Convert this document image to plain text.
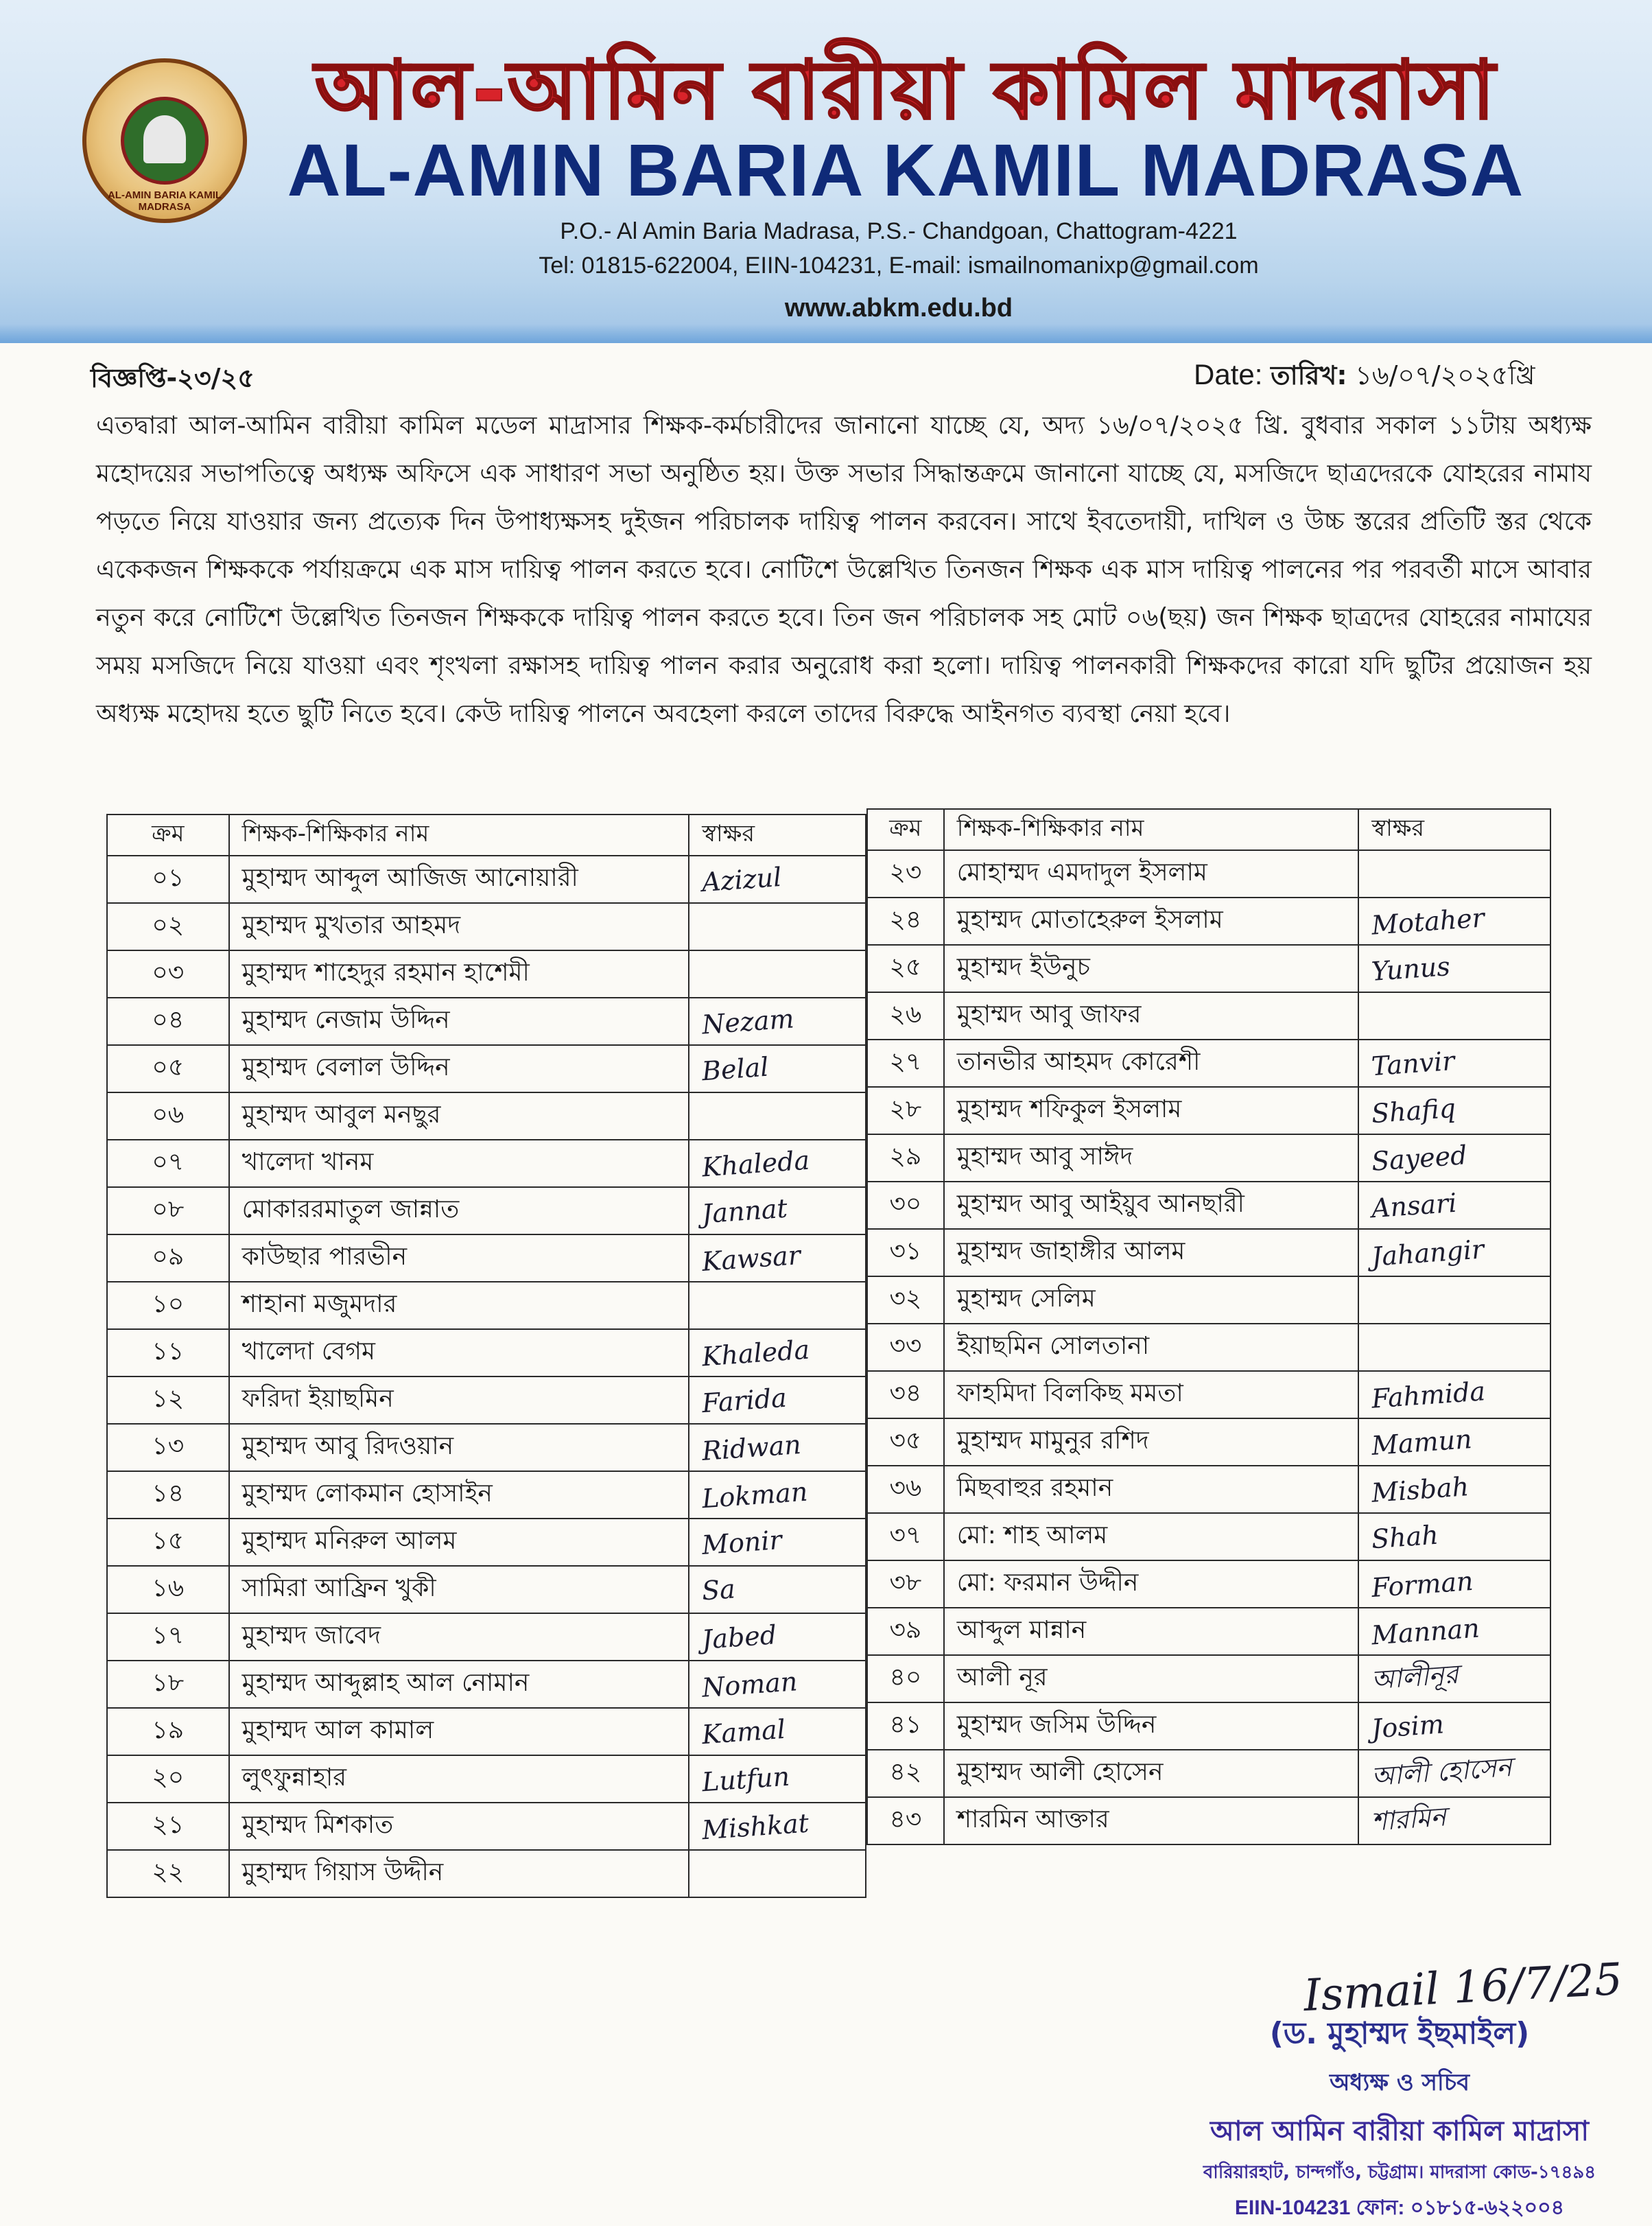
AL-AMIN BARIA KAMIL MADRASA
আল-আমিন বারীয়া কামিল মাদরাসা
AL-AMIN BARIA KAMIL MADRASA
P.O.- Al Amin Baria Madrasa, P.S.- Chandgoan, Chattogram-4221
Tel: 01815-622004, EIIN-104231, E-mail: ismailnomanixp@gmail.com
www.abkm.edu.bd
বিজ্ঞপ্তি-২৩/২৫	Date: তারিখ: ১৬/০৭/২০২৫খ্রি
এতদ্বারা আল-আমিন বারীয়া কামিল মডেল মাদ্রাসার শিক্ষক-কর্মচারীদের জানানো যাচ্ছে যে, অদ্য ১৬/০৭/২০২৫ খ্রি. বুধবার সকাল ১১টায় অধ্যক্ষ মহোদয়ের সভাপতিত্বে অধ্যক্ষ অফিসে এক সাধারণ সভা অনুষ্ঠিত হয়। উক্ত সভার সিদ্ধান্তক্রমে জানানো যাচ্ছে যে, মসজিদে ছাত্রদেরকে যোহরের নামায পড়তে নিয়ে যাওয়ার জন্য প্রত্যেক দিন উপাধ্যক্ষসহ দুইজন পরিচালক দায়িত্ব পালন করবেন। সাথে ইবতেদায়ী, দাখিল ও উচ্চ স্তরের প্রতিটি স্তর থেকে একেকজন শিক্ষককে পর্যায়ক্রমে এক মাস দায়িত্ব পালন করতে হবে। নোটিশে উল্লেখিত তিনজন শিক্ষক এক মাস দায়িত্ব পালনের পর পরবর্তী মাসে আবার নতুন করে নোটিশে উল্লেখিত তিনজন শিক্ষককে দায়িত্ব পালন করতে হবে। তিন জন পরিচালক সহ মোট ০৬(ছয়) জন শিক্ষক ছাত্রদের যোহরের নামাযের সময় মসজিদে নিয়ে যাওয়া এবং শৃংখলা রক্ষাসহ দায়িত্ব পালন করার অনুরোধ করা হলো। দায়িত্ব পালনকারী শিক্ষকদের কারো যদি ছুটির প্রয়োজন হয় অধ্যক্ষ মহোদয় হতে ছুটি নিতে হবে। কেউ দায়িত্ব পালনে অবহেলা করলে তাদের বিরুদ্ধে আইনগত ব্যবস্থা নেয়া হবে।
ক্রম	শিক্ষক-শিক্ষিকার নাম	স্বাক্ষর
০১	মুহাম্মদ আব্দুল আজিজ আনোয়ারী	Azizul
০২	মুহাম্মদ মুখতার আহমদ	
০৩	মুহাম্মদ শাহেদুর রহমান হাশেমী	
০৪	মুহাম্মদ নেজাম উদ্দিন	Nezam
০৫	মুহাম্মদ বেলাল উদ্দিন	Belal
০৬	মুহাম্মদ আবুল মনছুর	
০৭	খালেদা খানম	Khaleda
০৮	মোকাররমাতুল জান্নাত	Jannat
০৯	কাউছার পারভীন	Kawsar
১০	শাহানা মজুমদার	
১১	খালেদা বেগম	Khaleda
১২	ফরিদা ইয়াছমিন	Farida
১৩	মুহাম্মদ আবু রিদওয়ান	Ridwan
১৪	মুহাম্মদ লোকমান হোসাইন	Lokman
১৫	মুহাম্মদ মনিরুল আলম	Monir
১৬	সামিরা আফ্রিন খুকী	Sa
১৭	মুহাম্মদ জাবেদ	Jabed
১৮	মুহাম্মদ আব্দুল্লাহ আল নোমান	Noman
১৯	মুহাম্মদ আল কামাল	Kamal
২০	লুৎফুন্নাহার	Lutfun
২১	মুহাম্মদ মিশকাত	Mishkat
২২	মুহাম্মদ গিয়াস উদ্দীন	
ক্রম	শিক্ষক-শিক্ষিকার নাম	স্বাক্ষর
২৩	মোহাম্মদ এমদাদুল ইসলাম	
২৪	মুহাম্মদ মোতাহেরুল ইসলাম	Motaher
২৫	মুহাম্মদ ইউনুচ	Yunus
২৬	মুহাম্মদ আবু জাফর	
২৭	তানভীর আহমদ কোরেশী	Tanvir
২৮	মুহাম্মদ শফিকুল ইসলাম	Shafiq
২৯	মুহাম্মদ আবু সাঈদ	Sayeed
৩০	মুহাম্মদ আবু আইয়ুব আনছারী	Ansari
৩১	মুহাম্মদ জাহাঙ্গীর আলম	Jahangir
৩২	মুহাম্মদ সেলিম	
৩৩	ইয়াছমিন সোলতানা	
৩৪	ফাহমিদা বিলকিছ মমতা	Fahmida
৩৫	মুহাম্মদ মামুনুর রশিদ	Mamun
৩৬	মিছবাহুর রহমান	Misbah
৩৭	মো: শাহ আলম	Shah
৩৮	মো: ফরমান উদ্দীন	Forman
৩৯	আব্দুল মান্নান	Mannan
৪০	আলী নূর	আলীনূর
৪১	মুহাম্মদ জসিম উদ্দিন	Josim
৪২	মুহাম্মদ আলী হোসেন	আলী হোসেন
৪৩	শারমিন আক্তার	শারমিন
Ismail 16/7/25
(ড. মুহাম্মদ ইছমাইল)
অধ্যক্ষ ও সচিব
আল আমিন বারীয়া কামিল মাদ্রাসা
বারিয়ারহাট, চান্দগাঁও, চট্টগ্রাম। মাদরাসা কোড-১৭৪৯৪
EIIN-104231 ফোন: ০১৮১৫-৬২২০০৪
